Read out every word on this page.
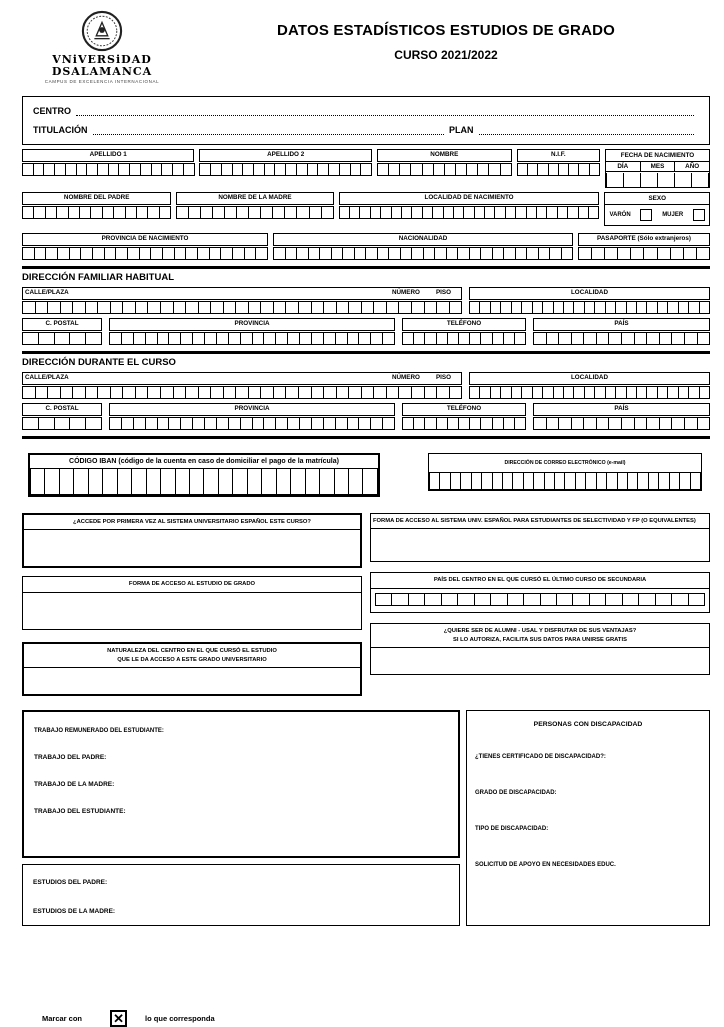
VNiVERSiDAD
DSALAMANCA
CAMPUS DE EXCELENCIA INTERNACIONAL
DATOS ESTADÍSTICOS ESTUDIOS DE GRADO
CURSO 2021/2022
CENTRO
TITULACIÓN	PLAN
APELLIDO 1	APELLIDO 2	NOMBRE	N.I.F.	FECHA DE NACIMIENTO
DÍA	MES	AÑO
NOMBRE DEL PADRE	NOMBRE DE LA MADRE	LOCALIDAD DE NACIMIENTO	SEXO
VARÓN	MUJER
PROVINCIA DE NACIMIENTO	NACIONALIDAD	PASAPORTE (Sólo extranjeros)
DIRECCIÓN FAMILIAR HABITUAL
CALLE/PLAZA	NÚMERO	PISO	LOCALIDAD
C. POSTAL	PROVINCIA	TELÉFONO	PAÍS
DIRECCIÓN DURANTE EL CURSO
CALLE/PLAZA	NÚMERO	PISO	LOCALIDAD
C. POSTAL	PROVINCIA	TELÉFONO	PAÍS
CÓDIGO IBAN (código de la cuenta en caso de domiciliar el pago de la matrícula)	DIRECCIÓN DE CORREO ELECTRÓNICO (e-mail)
¿ACCEDE POR PRIMERA VEZ AL SISTEMA UNIVERSITARIO ESPAÑOL ESTE CURSO?
FORMA DE ACCESO AL ESTUDIO DE GRADO
NATURALEZA DEL CENTRO EN EL QUE CURSÓ EL ESTUDIO
QUE LE DA ACCESO A ESTE GRADO UNIVERSITARIO
FORMA DE ACCESO AL SISTEMA UNIV. ESPAÑOL PARA ESTUDIANTES DE SELECTIVIDAD Y FP (O EQUIVALENTES)
PAÍS DEL CENTRO EN EL QUE CURSÓ EL ÚLTIMO CURSO DE SECUNDARIA
¿QUIERE SER DE ALUMNI - USAL Y DISFRUTAR DE SUS VENTAJAS?
SI LO AUTORIZA, FACILITA SUS DATOS PARA UNIRSE GRATIS
TRABAJO REMUNERADO DEL ESTUDIANTE:
TRABAJO DEL PADRE:
TRABAJO DE LA MADRE:
TRABAJO DEL ESTUDIANTE:
ESTUDIOS DEL PADRE:
ESTUDIOS DE LA MADRE:
PERSONAS CON DISCAPACIDAD
¿TIENES CERTIFICADO DE DISCAPACIDAD?:
GRADO DE DISCAPACIDAD:
TIPO DE DISCAPACIDAD:
SOLICITUD DE APOYO EN NECESIDADES EDUC.
Marcar con ✕	lo que corresponda
